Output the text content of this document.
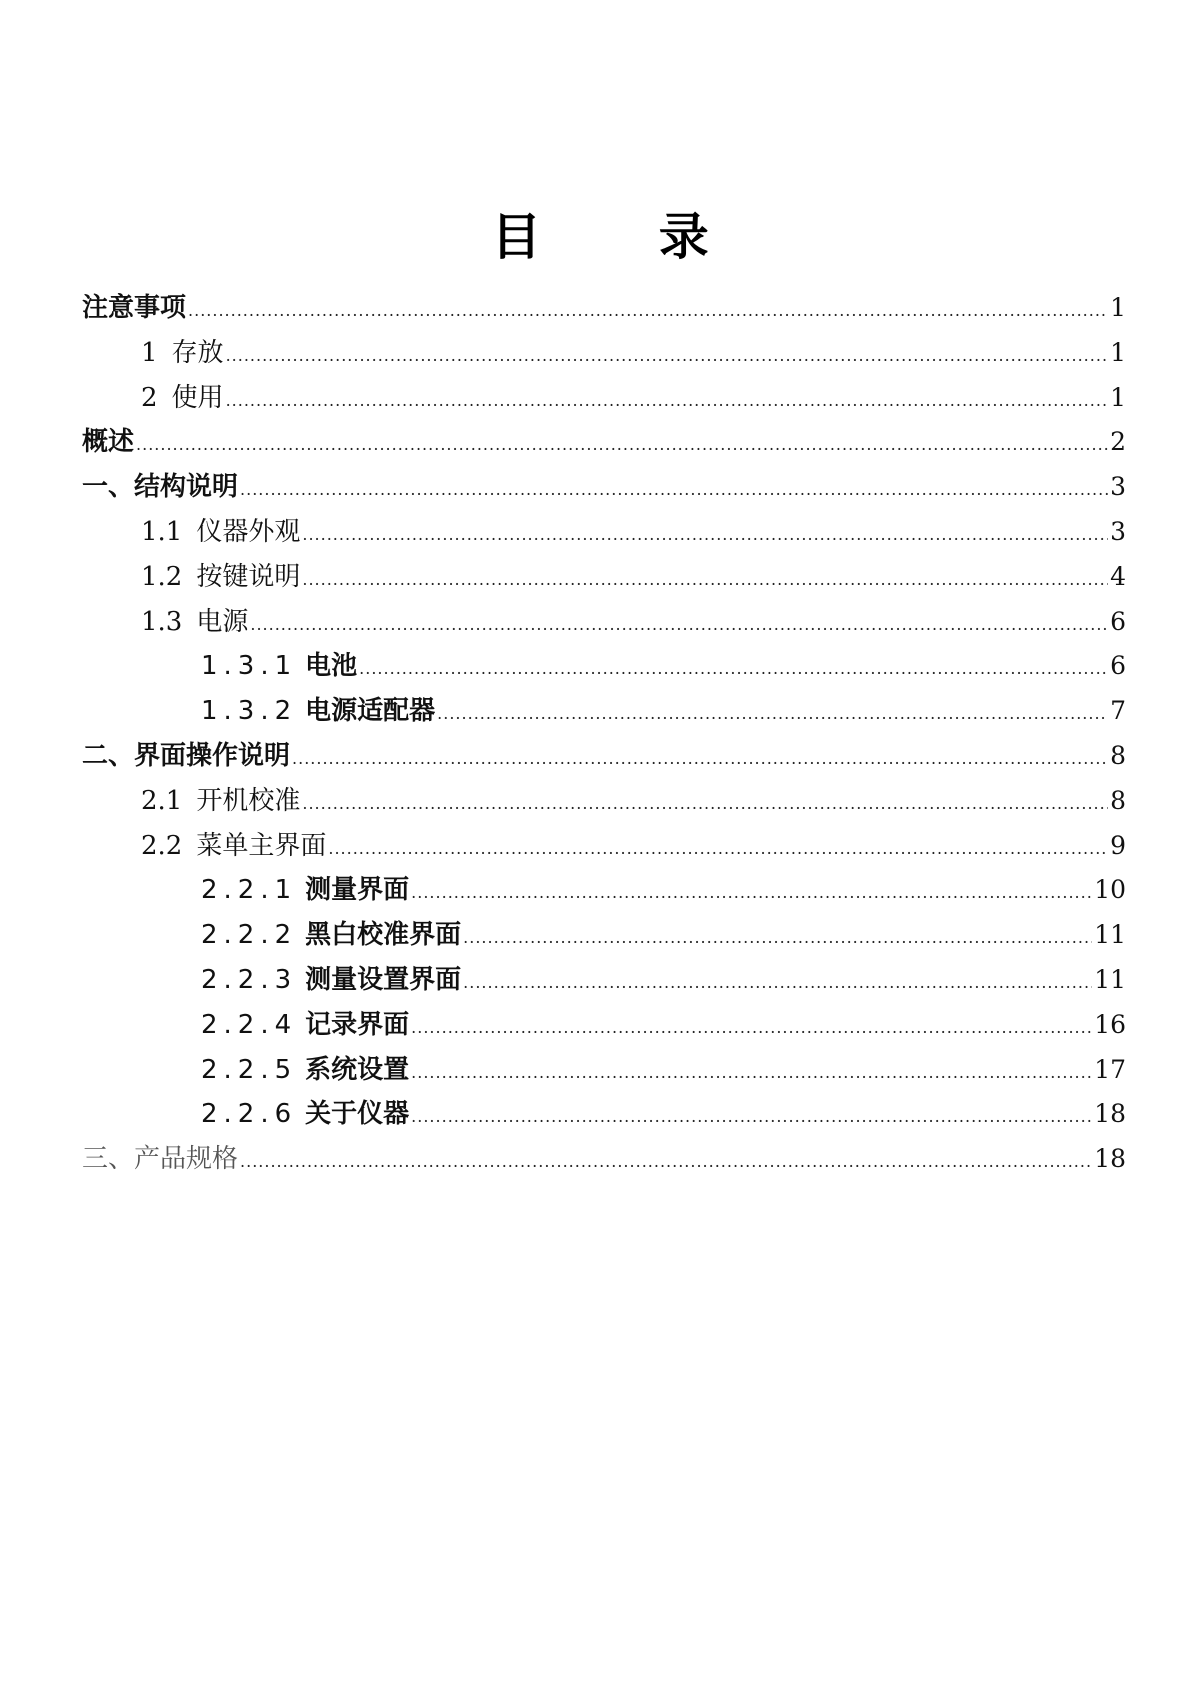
目 录
注意事项 .....	1
1 存放 .....	1
2 使用 .....	1
概述 .....	2
一、结构说明 .....	3
1.1 仪器外观 .....	3
1.2 按键说明 .....	4
1.3 电源 .....	6
1.3.1 电池 .....	6
1.3.2 电源适配器 .....	7
二、界面操作说明 .....	8
2.1 开机校准 .....	8
2.2 菜单主界面 .....	9
2.2.1 测量界面 .....	10
2.2.2 黑白校准界面 .....	11
2.2.3 测量设置界面 .....	11
2.2.4 记录界面 .....	16
2.2.5 系统设置 .....	17
2.2.6 关于仪器 .....	18
三、产品规格 .....	18
